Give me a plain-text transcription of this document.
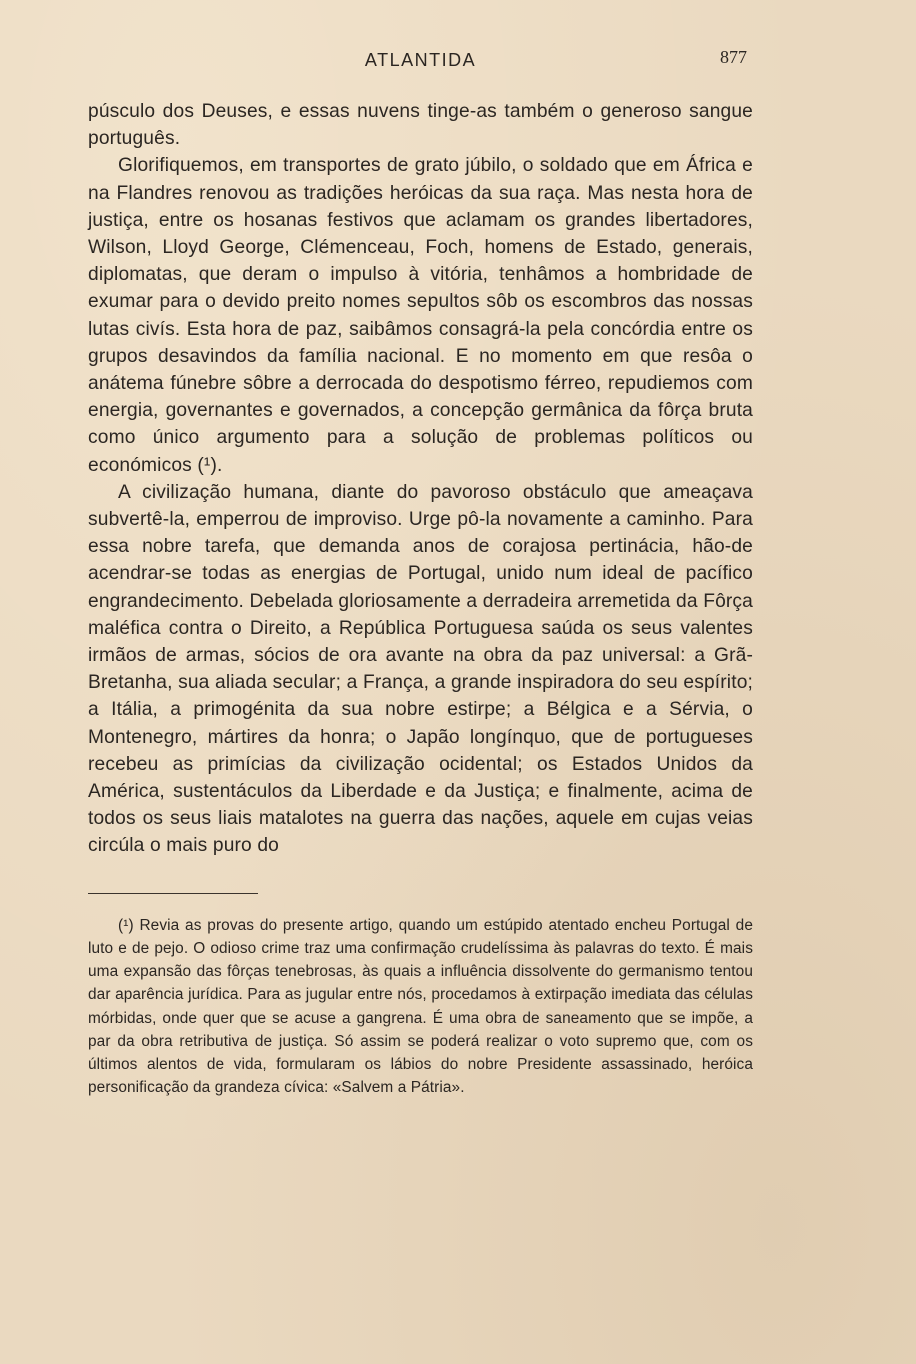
ATLANTIDA	877

púsculo dos Deuses, e essas nuvens tinge-as também o generoso sangue português.

Glorifiquemos, em transportes de grato júbilo, o soldado que em África e na Flandres renovou as tradições heróicas da sua raça. Mas nesta hora de justiça, entre os hosanas festivos que aclamam os grandes libertadores, Wilson, Lloyd George, Clémenceau, Foch, homens de Estado, generais, diplomatas, que deram o impulso à vitória, tenhâmos a hombridade de exumar para o devido preito nomes sepultos sôb os escombros das nossas lutas civís. Esta hora de paz, saibâmos consagrá-la pela concórdia entre os grupos desavindos da família nacional. E no momento em que resôa o anátema fúnebre sôbre a derrocada do despotismo férreo, repudiemos com energia, governantes e governados, a concepção germânica da fôrça bruta como único argumento para a solução de problemas políticos ou económicos (¹).

A civilização humana, diante do pavoroso obstáculo que ameaçava subvertê-la, emperrou de improviso. Urge pô-la novamente a caminho. Para essa nobre tarefa, que demanda anos de corajosa pertinácia, hão-de acendrar-se todas as energias de Portugal, unido num ideal de pacífico engrandecimento. Debelada gloriosamente a derradeira arremetida da Fôrça maléfica contra o Direito, a República Portuguesa saúda os seus valentes irmãos de armas, sócios de ora avante na obra da paz universal: a Grã-Bretanha, sua aliada secular; a França, a grande inspiradora do seu espírito; a Itália, a primogénita da sua nobre estirpe; a Bélgica e a Sérvia, o Montenegro, mártires da honra; o Japão longínquo, que de portugueses recebeu as primícias da civilização ocidental; os Estados Unidos da América, sustentáculos da Liberdade e da Justiça; e finalmente, acima de todos os seus liais matalotes na guerra das nações, aquele em cujas veias circúla o mais puro do

(¹) Revia as provas do presente artigo, quando um estúpido atentado encheu Portugal de luto e de pejo. O odioso crime traz uma confirmação crudelíssima às palavras do texto. É mais uma expansão das fôrças tenebrosas, às quais a influência dissolvente do germanismo tentou dar aparência jurídica. Para as jugular entre nós, procedamos à extirpação imediata das células mórbidas, onde quer que se acuse a gangrena. É uma obra de saneamento que se impõe, a par da obra retributiva de justiça. Só assim se poderá realizar o voto supremo que, com os últimos alentos de vida, formularam os lábios do nobre Presidente assassinado, heróica personificação da grandeza cívica: «Salvem a Pátria».
